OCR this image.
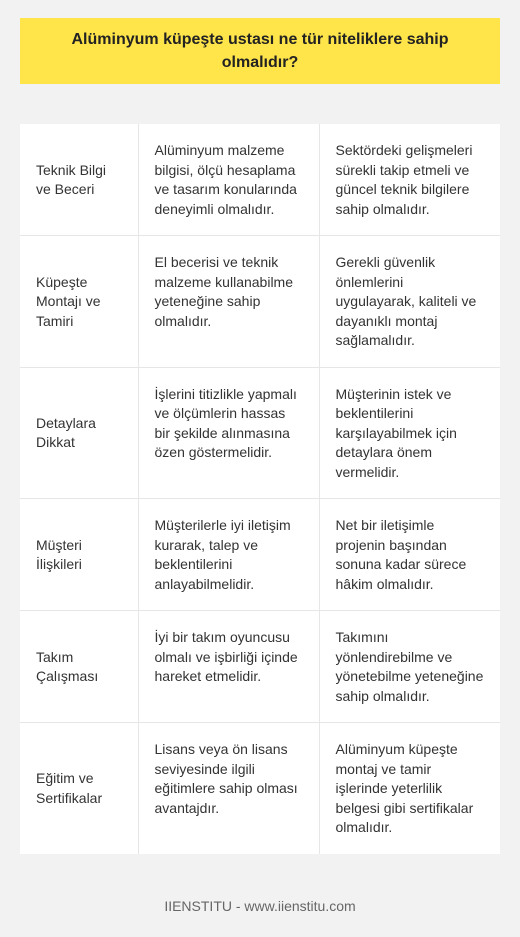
Alüminyum küpeşte ustası ne tür niteliklere sahip olmalıdır?
Teknik Bilgi ve Beceri	Alüminyum malzeme bilgisi, ölçü hesaplama ve tasarım konularında deneyimli olmalıdır.	Sektördeki gelişmeleri sürekli takip etmeli ve güncel teknik bilgilere sahip olmalıdır.
Küpeşte Montajı ve Tamiri	El becerisi ve teknik malzeme kullanabilme yeteneğine sahip olmalıdır.	Gerekli güvenlik önlemlerini uygulayarak, kaliteli ve dayanıklı montaj sağlamalıdır.
Detaylara Dikkat	İşlerini titizlikle yapmalı ve ölçümlerin hassas bir şekilde alınmasına özen göstermelidir.	Müşterinin istek ve beklentilerini karşılayabilmek için detaylara önem vermelidir.
Müşteri İlişkileri	Müşterilerle iyi iletişim kurarak, talep ve beklentilerini anlayabilmelidir.	Net bir iletişimle projenin başından sonuna kadar sürece hâkim olmalıdır.
Takım Çalışması	İyi bir takım oyuncusu olmalı ve işbirliği içinde hareket etmelidir.	Takımını yönlendirebilme ve yönetebilme yeteneğine sahip olmalıdır.
Eğitim ve Sertifikalar	Lisans veya ön lisans seviyesinde ilgili eğitimlere sahip olması avantajdır.	Alüminyum küpeşte montaj ve tamir işlerinde yeterlilik belgesi gibi sertifikalar olmalıdır.
IIENSTITU - www.iienstitu.com
